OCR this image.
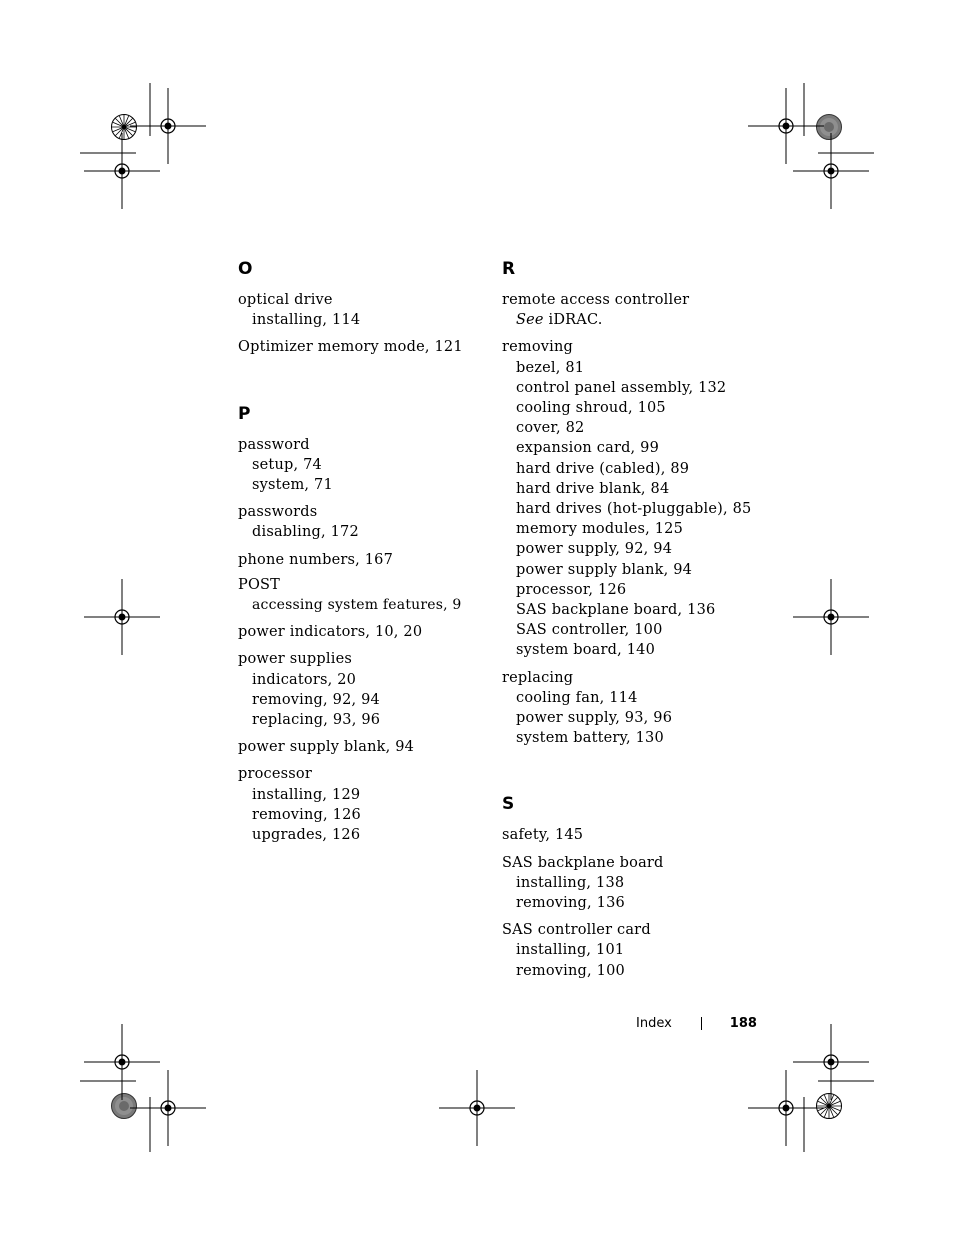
O
optical drive
installing, 114
Optimizer memory mode, 121
P
password
setup, 74
system, 71
passwords
disabling, 172
phone numbers, 167
POST
accessing system features, 9
power indicators, 10, 20
power supplies
indicators, 20
removing, 92, 94
replacing, 93, 96
power supply blank, 94
processor
installing, 129
removing, 126
upgrades, 126
R
remote access controller
See iDRAC.
removing
bezel, 81
control panel assembly, 132
cooling shroud, 105
cover, 82
expansion card, 99
hard drive (cabled), 89
hard drive blank, 84
hard drives (hot-pluggable), 85
memory modules, 125
power supply, 92, 94
power supply blank, 94
processor, 126
SAS backplane board, 136
SAS controller, 100
system board, 140
replacing
cooling fan, 114
power supply, 93, 96
system battery, 130
S
safety, 145
SAS backplane board
installing, 138
removing, 136
SAS controller card
installing, 101
removing, 100
Index	188
